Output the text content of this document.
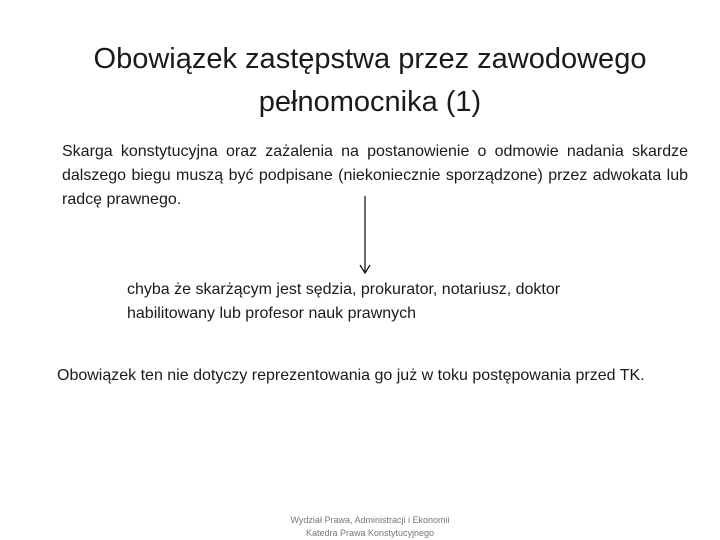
Obowiązek zastępstwa przez zawodowego
pełnomocnika (1)

Skarga konstytucyjna oraz zażalenia na postanowienie o odmowie nadania skardze dalszego biegu muszą być podpisane (niekoniecznie sporządzone) przez adwokata lub radcę prawnego.

chyba że skarżącym jest sędzia, prokurator, notariusz, doktor
habilitowany lub profesor nauk prawnych

Obowiązek ten nie dotyczy reprezentowania go już w toku postępowania przed TK.

Wydział Prawa, Administracji i Ekonomii
Katedra Prawa Konstytucyjnego
